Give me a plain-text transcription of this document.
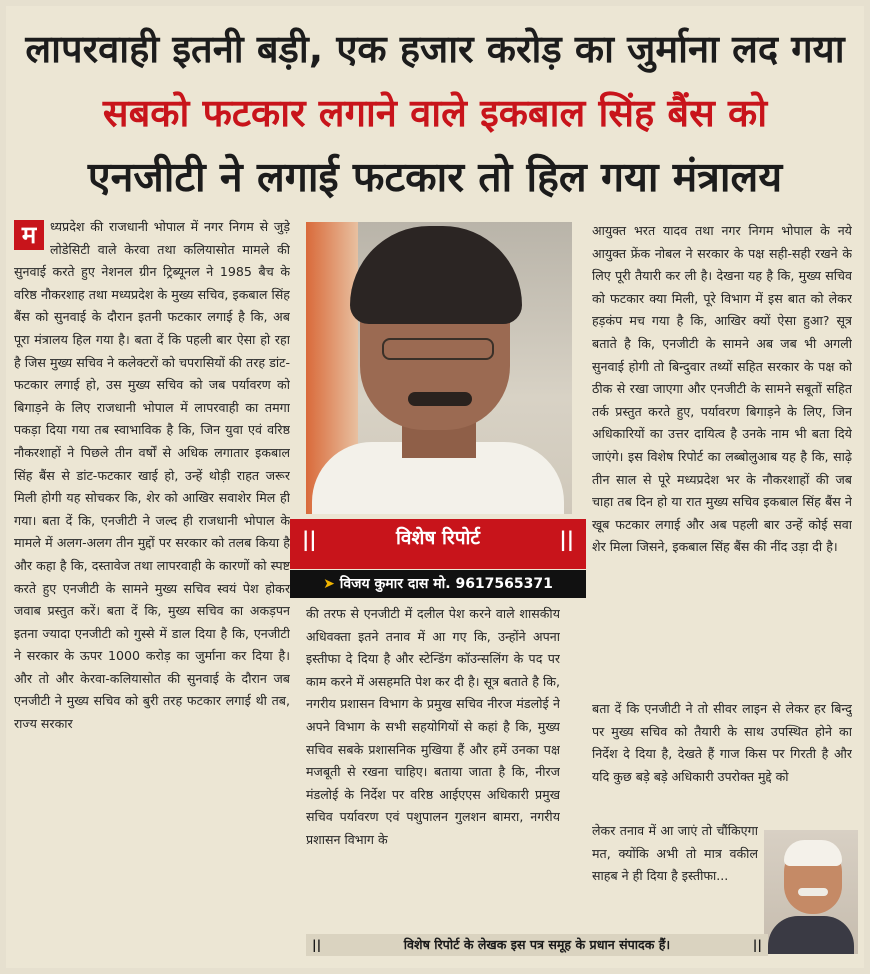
लापरवाही इतनी बड़ी, एक हजार करोड़ का जुर्माना लद गया
सबको फटकार लगाने वाले इकबाल सिंह बैंस को
एनजीटी ने लगाई फटकार तो हिल गया मंत्रालय
म	ध्यप्रदेश की राजधानी भोपाल में नगर निगम से जुड़े लोडेसिटी वाले केरवा तथा कलियासोत मामले की सुनवाई करते हुए नेशनल ग्रीन ट्रिब्यूनल ने 1985 बैच के वरिष्ठ नौकरशाह तथा मध्यप्रदेश के मुख्य सचिव, इकबाल सिंह बैंस को सुनवाई के दौरान इतनी फटकार लगाई है कि, अब पूरा मंत्रालय हिल गया है। बता दें कि पहली बार ऐसा हो रहा है जिस मुख्य सचिव ने कलेक्टरों को चपरासियों की तरह डांट-फटकार लगाई हो, उस मुख्य सचिव को जब पर्यावरण को बिगाड़ने के लिए राजधानी भोपाल में लापरवाही का तमगा पकड़ा दिया गया तब स्वाभाविक है कि, जिन युवा एवं वरिष्ठ नौकरशाहों ने पिछले तीन वर्षों से अधिक लगातार इकबाल सिंह बैंस से डांट-फटकार खाई हो, उन्हें थोड़ी राहत जरूर मिली होगी यह सोचकर कि, शेर को आखिर सवाशेर मिल ही गया। बता दें कि, एनजीटी ने जल्द ही राजधानी भोपाल के मामले में अलग-अलग तीन मुद्दों पर सरकार को तलब किया है और कहा है कि, दस्तावेज तथा लापरवाही के कारणों को स्पष्ट करते हुए एनजीटी के सामने मुख्य सचिव स्वयं पेश होकर जवाब प्रस्तुत करें। बता दें कि, मुख्य सचिव का अकड़पन इतना ज्यादा एनजीटी को गुस्से में डाल दिया है कि, एनजीटी ने सरकार के ऊपर 1000 करोड़ का जुर्माना कर दिया है। और तो और केरवा-कलियासोत की सुनवाई के दौरान जब एनजीटी ने मुख्य सचिव को बुरी तरह फटकार लगाई थी तब, राज्य सरकार
||	विशेष रिपोर्ट	||
➤ विजय कुमार दास मो. 9617565371
की तरफ से एनजीटी में दलील पेश करने वाले शासकीय अधिवक्ता इतने तनाव में आ गए कि, उन्होंने अपना इस्तीफा दे दिया है और स्टेन्डिंग कॉउन्सलिंग के पद पर काम करने में असहमति पेश कर दी है। सूत्र बताते है कि, नगरीय प्रशासन विभाग के प्रमुख सचिव नीरज मंडलोई ने अपने विभाग के सभी सहयोगियों से कहां है कि, मुख्य सचिव सबके प्रशासनिक मुखिया हैं और हमें उनका पक्ष मजबूती से रखना चाहिए। बताया जाता है कि, नीरज मंडलोई के निर्देश पर वरिष्ठ आईएएस अधिकारी प्रमुख सचिव पर्यावरण एवं पशुपालन गुलशन बामरा, नगरीय प्रशासन विभाग के
आयुक्त भरत यादव तथा नगर निगम भोपाल के नये आयुक्त फ्रेंक नोबल ने सरकार के पक्ष सही-सही रखने के लिए पूरी तैयारी कर ली है। देखना यह है कि, मुख्य सचिव को फटकार क्या मिली, पूरे विभाग में इस बात को लेकर हड़कंप मच गया है कि, आखिर क्यों ऐसा हुआ? सूत्र बताते है कि, एनजीटी के सामने अब जब भी अगली सुनवाई होगी तो बिन्दुवार तथ्यों सहित सरकार के पक्ष को ठीक से रखा जाएगा और एनजीटी के सामने सबूतों सहित तर्क प्रस्तुत करते हुए, पर्यावरण बिगाड़ने के लिए, जिन अधिकारियों का उत्तर दायित्व है उनके नाम भी बता दिये जाएंगे। इस विशेष रिपोर्ट का लब्बोलुआब यह है कि, साढ़े तीन साल से पूरे मध्यप्रदेश भर के नौकरशाहों की जब चाहा तब दिन हो या रात मुख्य सचिव इकबाल सिंह बैंस ने खूब फटकार लगाई और अब पहली बार उन्हें कोई सवा शेर मिला जिसने, इकबाल सिंह बैंस की नींद उड़ा दी है।
बता दें कि एनजीटी ने तो सीवर लाइन से लेकर हर बिन्दु पर मुख्य सचिव को तैयारी के साथ उपस्थित होने का निर्देश दे दिया है, देखते हैं गाज किस पर गिरती है और यदि कुछ बड़े बड़े अधिकारी उपरोक्त मुद्दे को
लेकर तनाव में आ जाएं तो चौंकिएगा मत, क्योंकि अभी तो मात्र वकील साहब ने ही दिया है इस्तीफा...
||	विशेष रिपोर्ट के लेखक इस पत्र समूह के प्रधान संपादक हैं।	||
